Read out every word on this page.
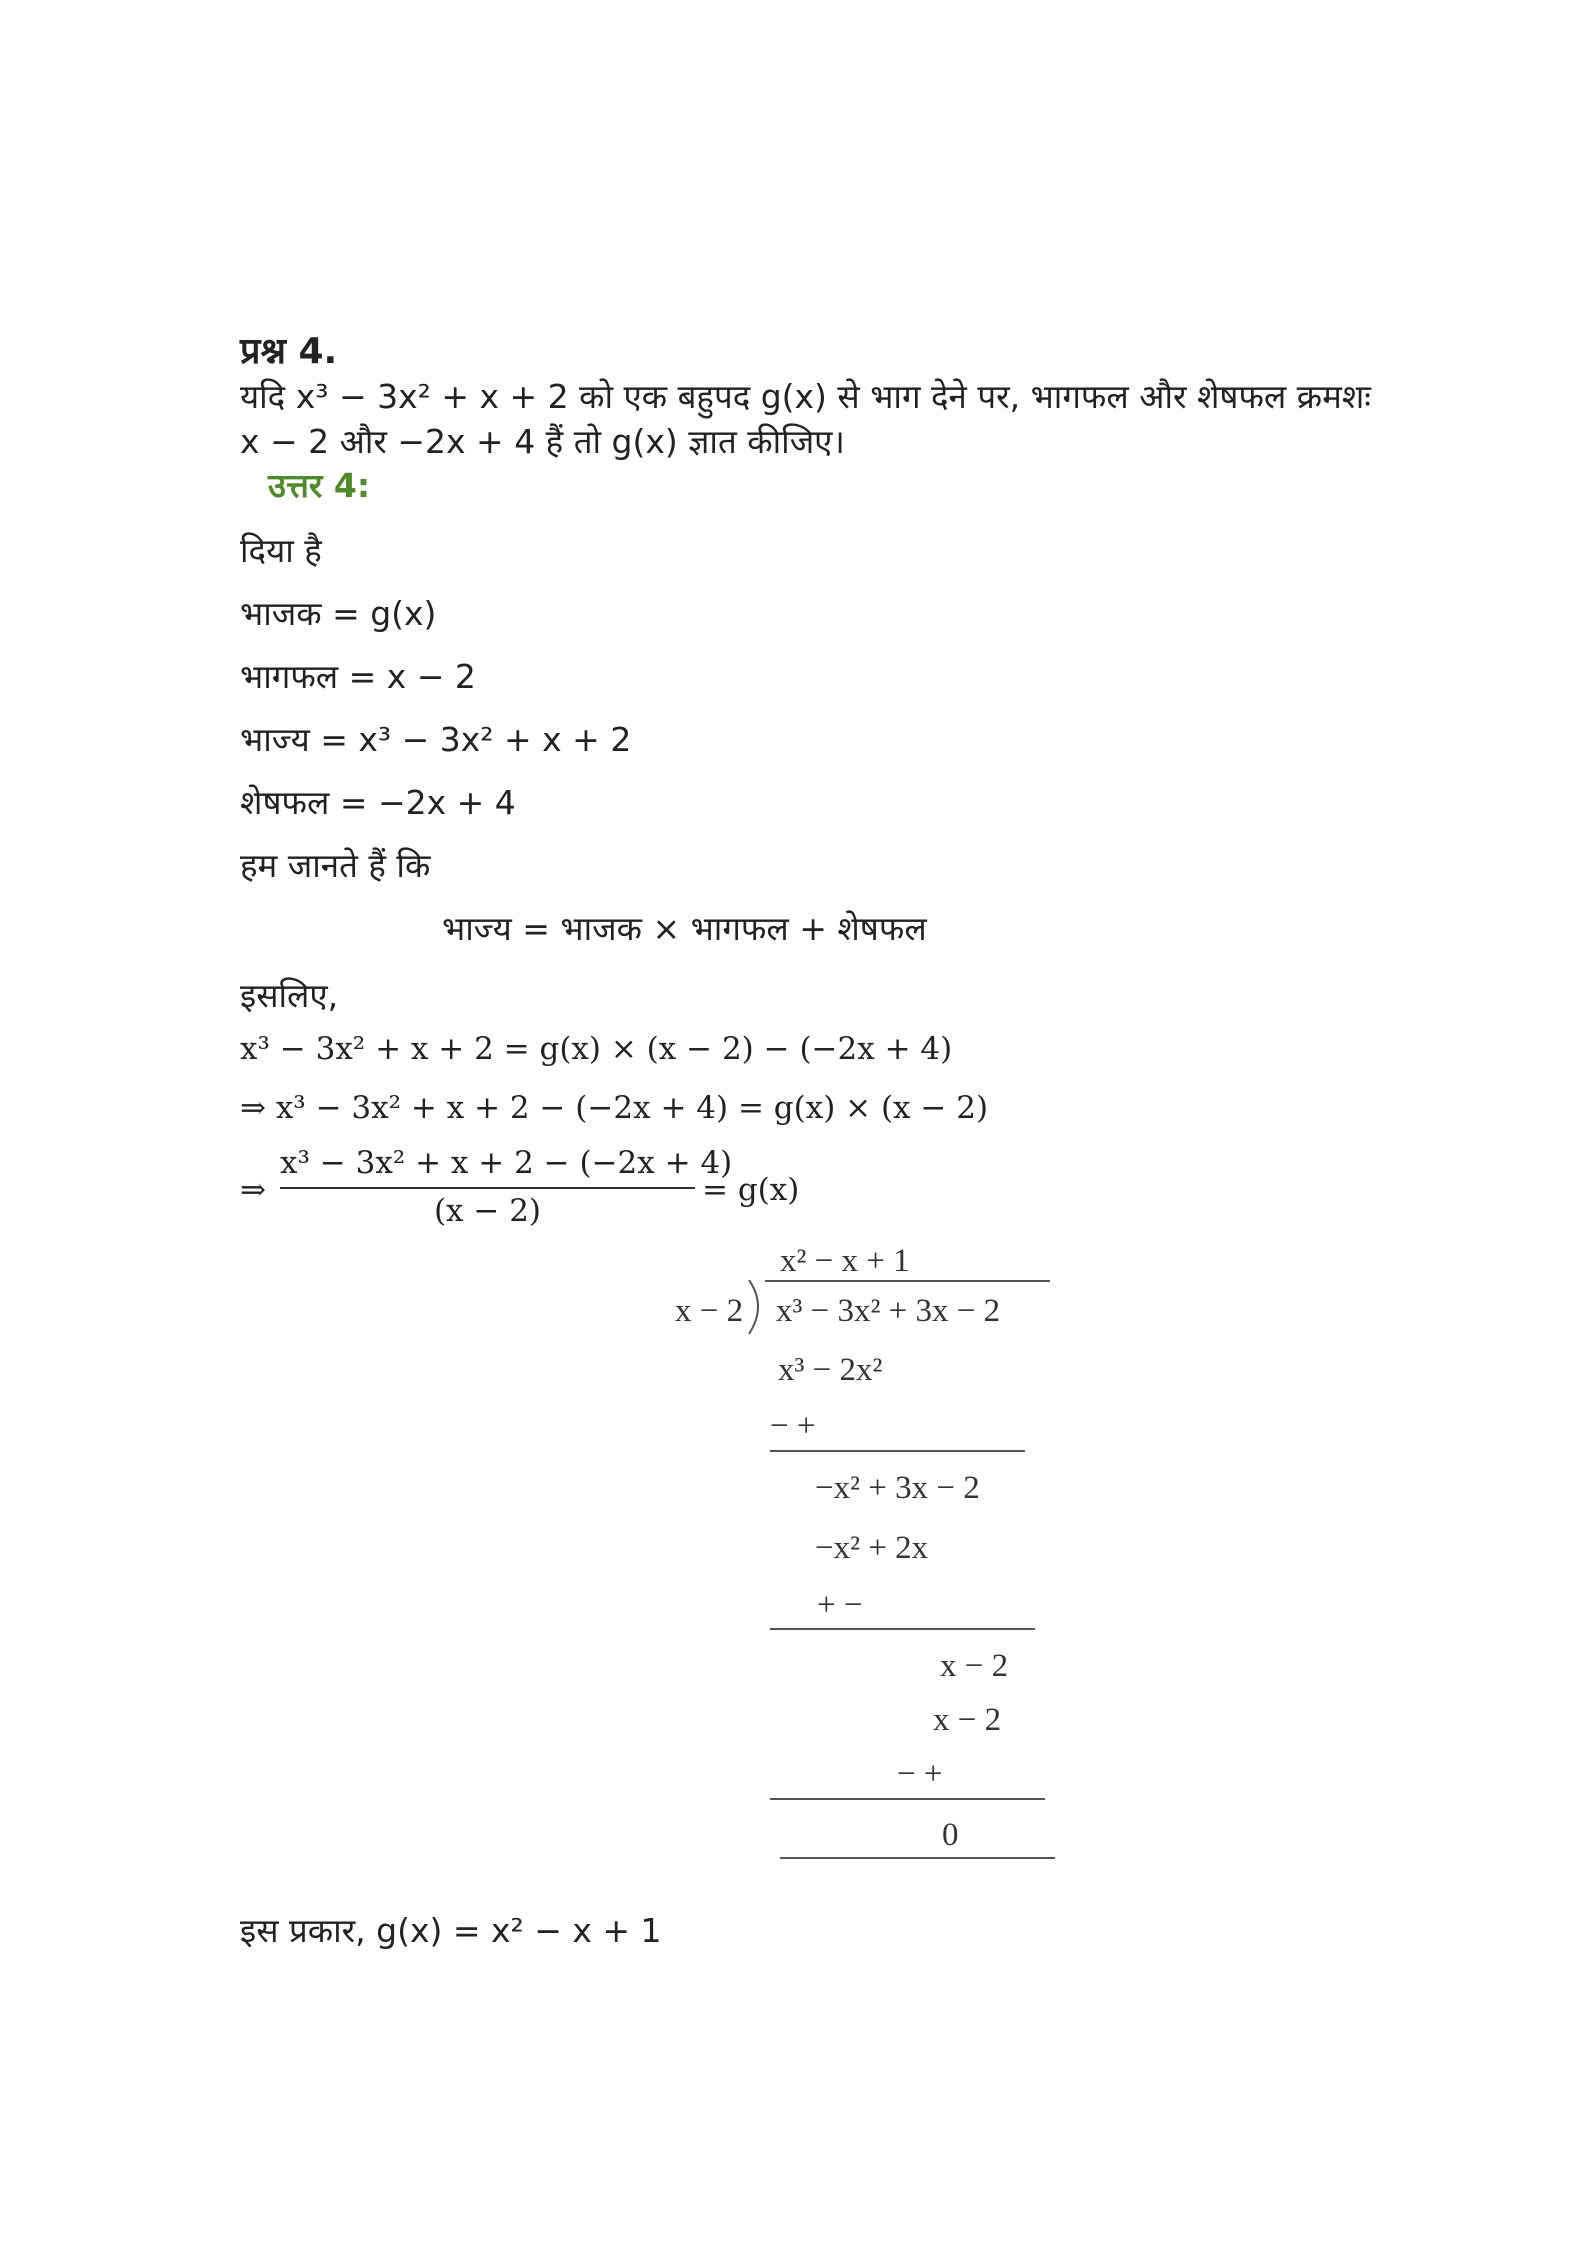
प्रश्न 4.
यदि x³ − 3x² + x + 2 को एक बहुपद g(x) से भाग देने पर, भागफल और शेषफल क्रमशः
x − 2 और −2x + 4 हैं तो g(x) ज्ञात कीजिए।
उत्तर 4:
दिया है
भाजक = g(x)
भागफल = x − 2
भाज्य = x³ − 3x² + x + 2
शेषफल = −2x + 4
हम जानते हैं कि
भाज्य = भाजक × भागफल + शेषफल
इसलिए,
x³ − 3x² + x + 2 = g(x) × (x − 2) − (−2x + 4)
⇒ x³ − 3x² + x + 2 − (−2x + 4) = g(x) × (x − 2)
⇒
x³ − 3x² + x + 2 − (−2x + 4)
(x − 2)
= g(x)
x² − x + 1
x − 2 x³ − 3x² + 3x − 2
x³ − 2x²
− +
−x² + 3x − 2
−x² + 2x
+ −
x − 2
x − 2
− +
0
इस प्रकार, g(x) = x² − x + 1
